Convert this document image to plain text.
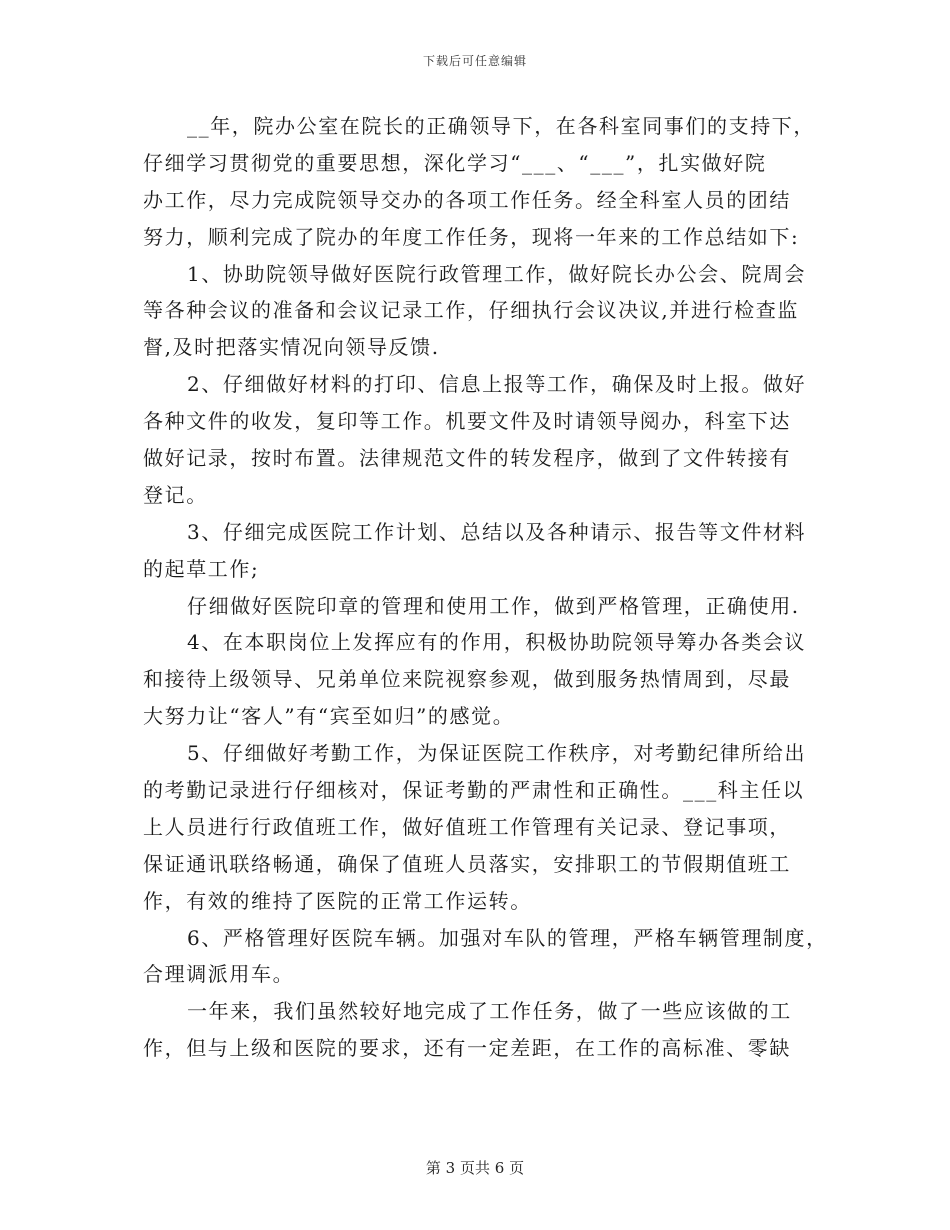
下载后可任意编辑
__年，院办公室在院长的正确领导下，在各科室同事们的支持下，
仔细学习贯彻党的重要思想，深化学习“___、“___”，扎实做好院
办工作，尽力完成院领导交办的各项工作任务。经全科室人员的团结
努力，顺利完成了院办的年度工作任务，现将一年来的工作总结如下:
1、协助院领导做好医院行政管理工作，做好院长办公会、院周会
等各种会议的准备和会议记录工作，仔细执行会议决议,并进行检查监
督,及时把落实情况向领导反馈.
2、仔细做好材料的打印、信息上报等工作，确保及时上报。做好
各种文件的收发，复印等工作。机要文件及时请领导阅办，科室下达
做好记录，按时布置。法律规范文件的转发程序，做到了文件转接有
登记。
3、仔细完成医院工作计划、总结以及各种请示、报告等文件材料
的起草工作;
仔细做好医院印章的管理和使用工作，做到严格管理，正确使用.
4、在本职岗位上发挥应有的作用，积极协助院领导筹办各类会议
和接待上级领导、兄弟单位来院视察参观，做到服务热情周到，尽最
大努力让“客人”有“宾至如归”的感觉。
5、仔细做好考勤工作，为保证医院工作秩序，对考勤纪律所给出
的考勤记录进行仔细核对，保证考勤的严肃性和正确性。___科主任以
上人员进行行政值班工作，做好值班工作管理有关记录、登记事项，
保证通讯联络畅通，确保了值班人员落实，安排职工的节假期值班工
作，有效的维持了医院的正常工作运转。
6、严格管理好医院车辆。加强对车队的管理，严格车辆管理制度，
合理调派用车。
一年来，我们虽然较好地完成了工作任务，做了一些应该做的工
作，但与上级和医院的要求，还有一定差距，在工作的高标准、零缺
第 3 页共 6 页
